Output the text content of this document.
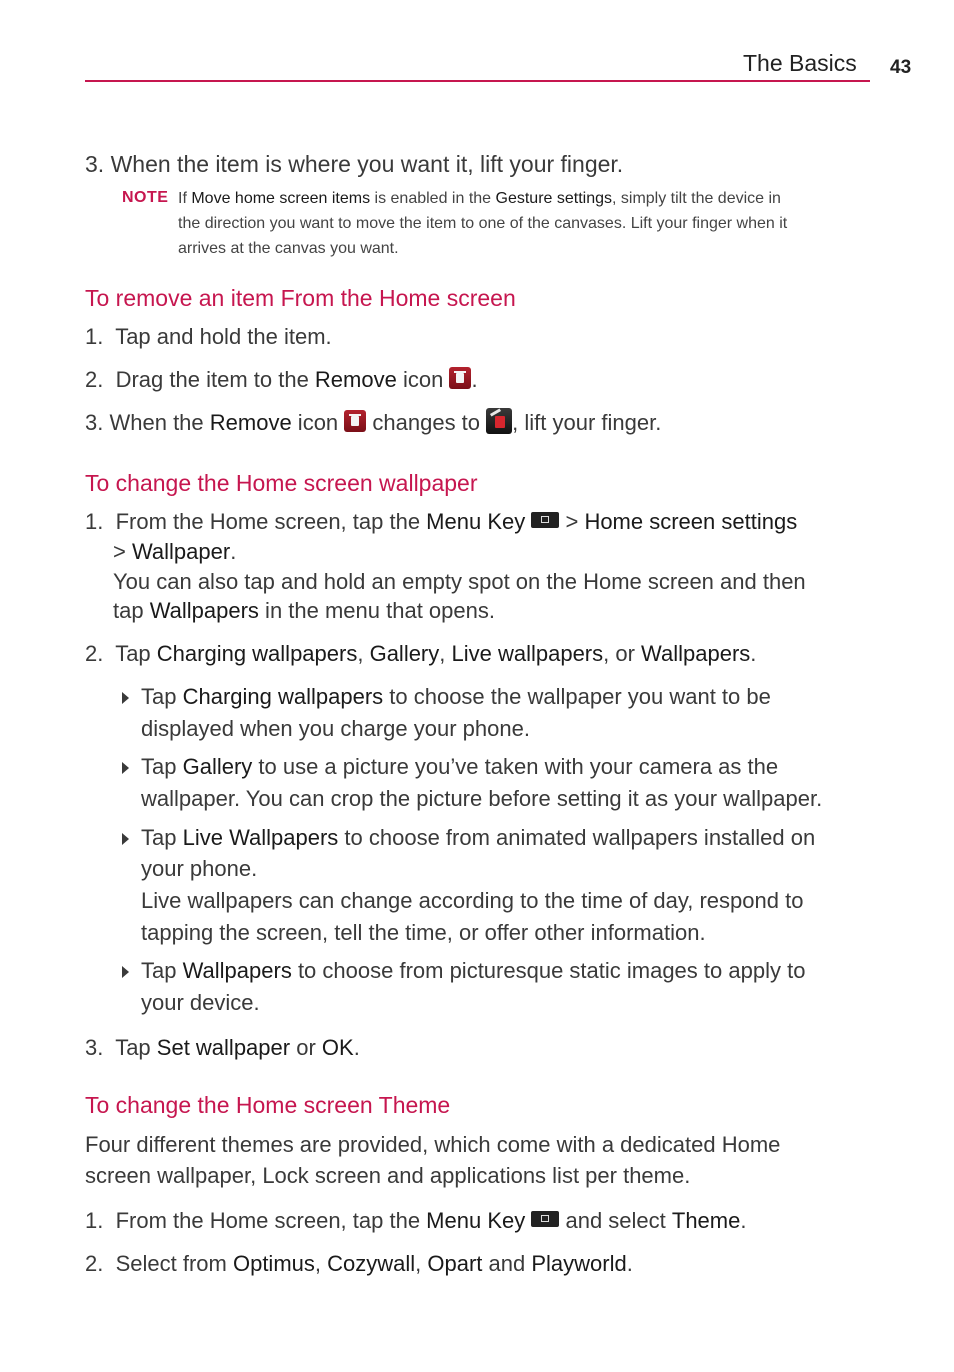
The Basics 43
3. When the item is where you want it, lift your finger.
NOTE If Move home screen items is enabled in the Gesture settings, simply tilt the device in
the direction you want to move the item to one of the canvases. Lift your finger when it
arrives at the canvas you want.
To remove an item From the Home screen
1. Tap and hold the item.
2. Drag the item to the Remove icon .
3. When the Remove icon  changes to , lift your finger.
To change the Home screen wallpaper
1. From the Home screen, tap the Menu Key  > Home screen settings
> Wallpaper.
You can also tap and hold an empty spot on the Home screen and then
tap Wallpapers in the menu that opens.
2. Tap Charging wallpapers, Gallery, Live wallpapers, or Wallpapers.
Tap Charging wallpapers to choose the wallpaper you want to be
displayed when you charge your phone.
Tap Gallery to use a picture you’ve taken with your camera as the
wallpaper. You can crop the picture before setting it as your wallpaper.
Tap Live Wallpapers to choose from animated wallpapers installed on
your phone.
Live wallpapers can change according to the time of day, respond to
tapping the screen, tell the time, or offer other information.
Tap Wallpapers to choose from picturesque static images to apply to
your device.
3. Tap Set wallpaper or OK.
To change the Home screen Theme
Four different themes are provided, which come with a dedicated Home
screen wallpaper, Lock screen and applications list per theme.
1. From the Home screen, tap the Menu Key  and select Theme.
2. Select from Optimus, Cozywall, Opart and Playworld.
